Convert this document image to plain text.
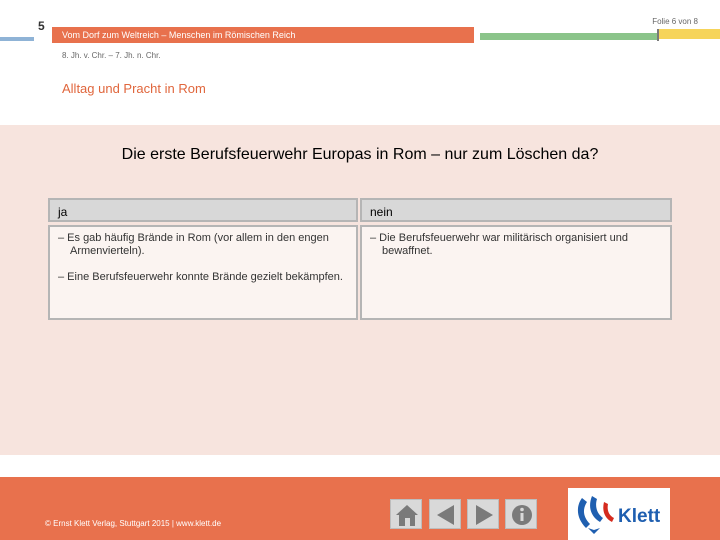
5
Vom Dorf zum Weltreich – Menschen im Römischen Reich
Folie 6 von 8
8. Jh. v. Chr. – 7. Jh. n. Chr.
Alltag und Pracht in Rom
Die erste Berufsfeuerwehr Europas in Rom – nur zum Löschen da?
ja	nein
– Es gab häufig Brände in Rom (vor allem in den engen Armenvierteln).
– Eine Berufsfeuerwehr konnte Brände gezielt bekämpfen.
– Die Berufsfeuerwehr war militärisch organisiert und bewaffnet.
© Ernst Klett Verlag, Stuttgart 2015 | www.klett.de	Klett
